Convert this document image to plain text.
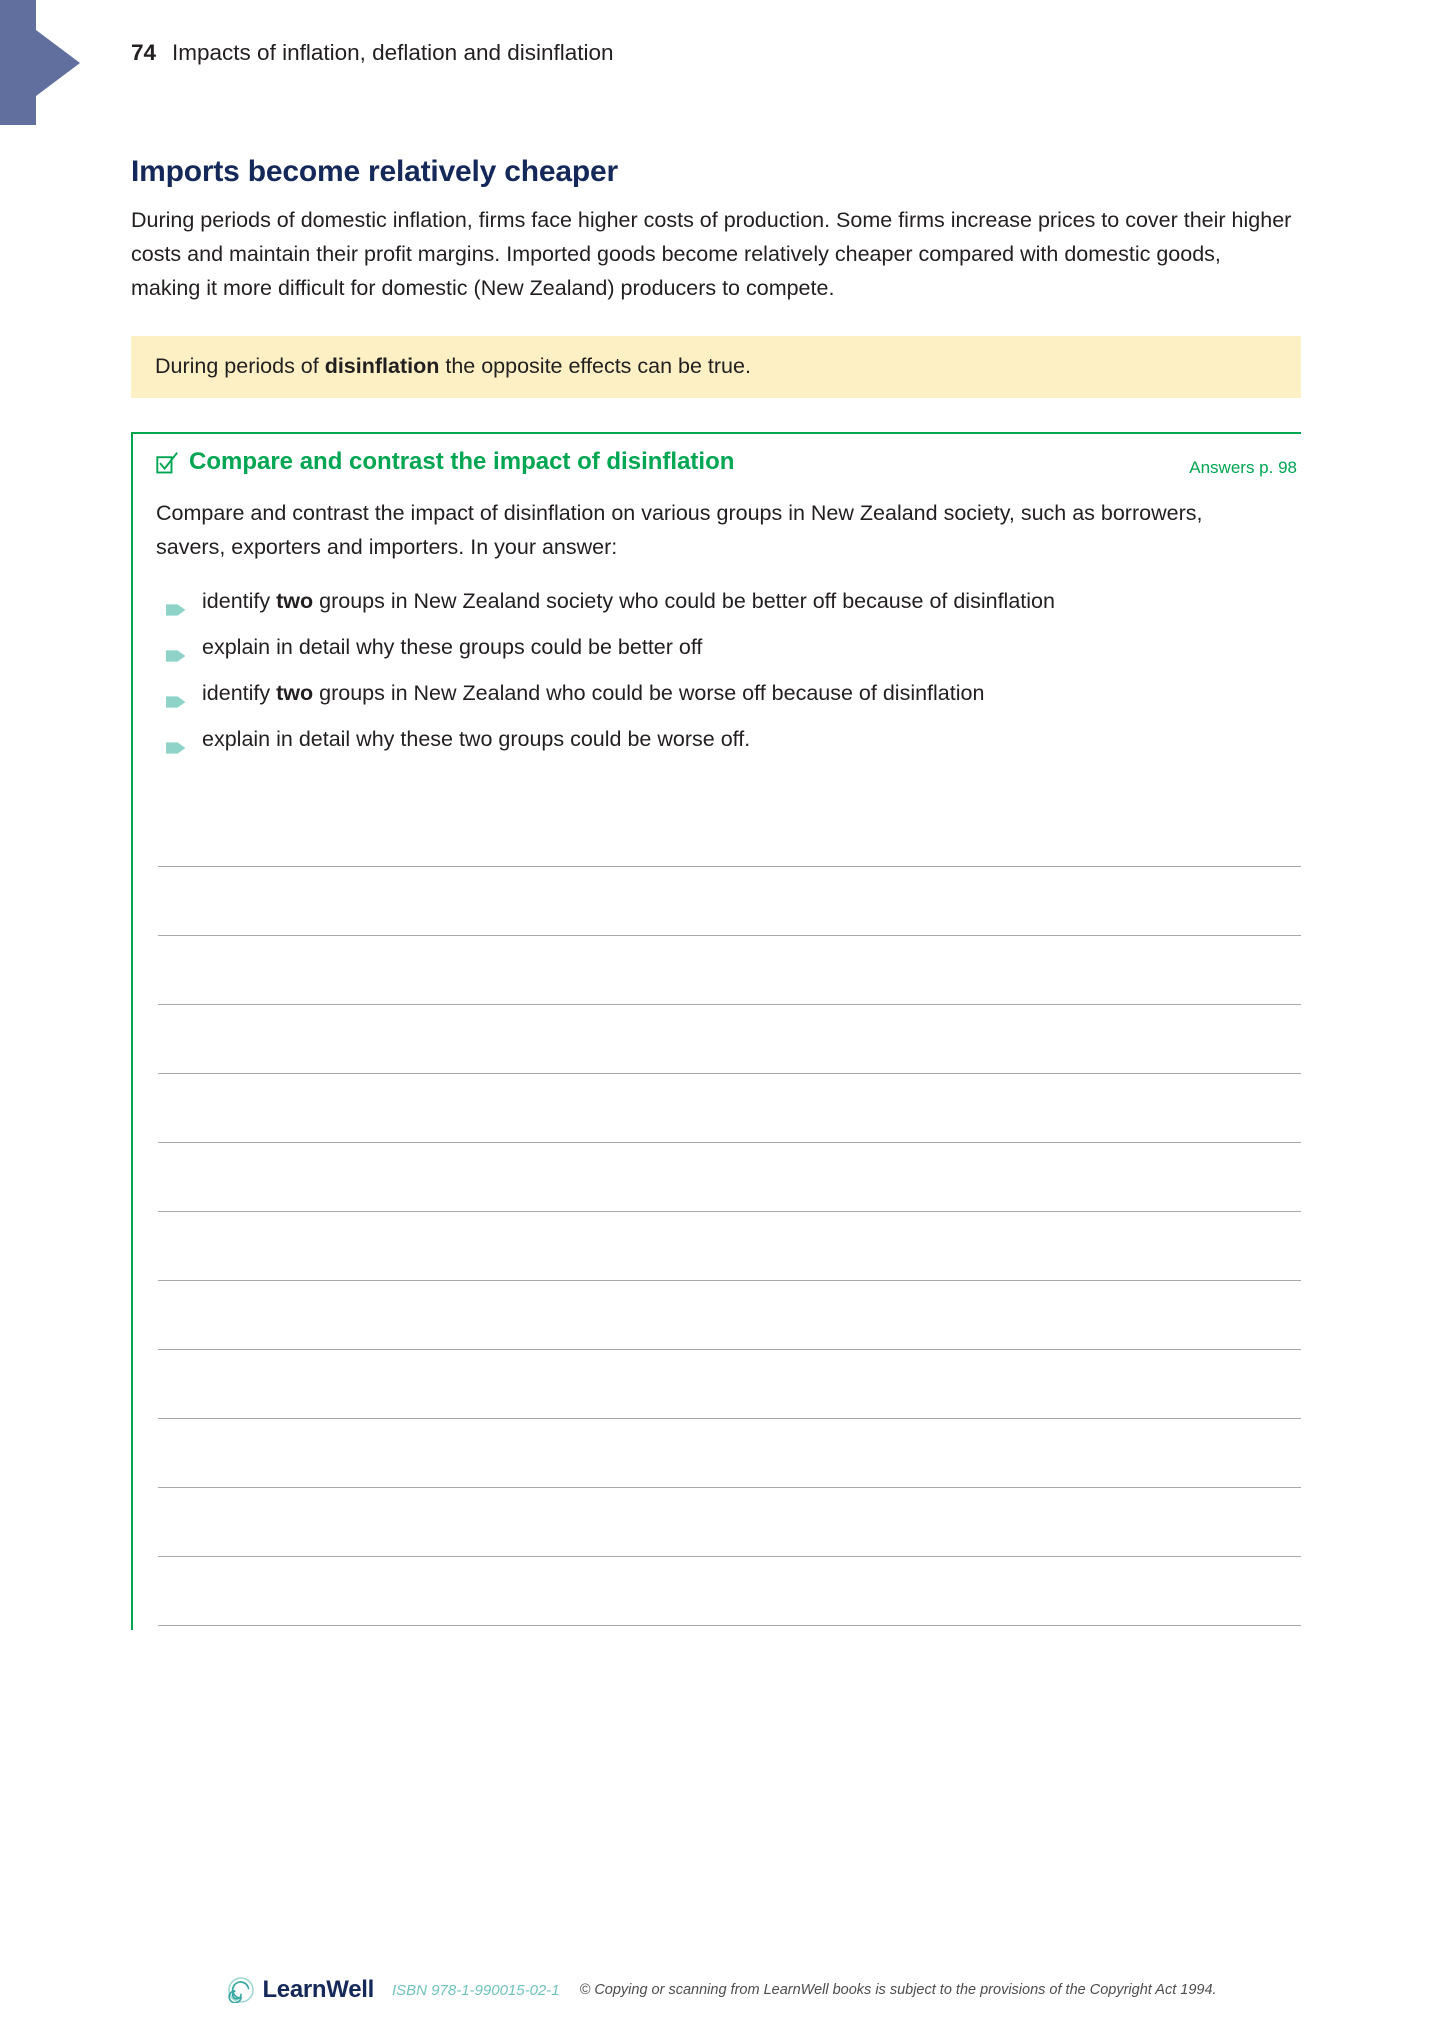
74 Impacts of inflation, deflation and disinflation
Imports become relatively cheaper

During periods of domestic inflation, firms face higher costs of production. Some firms increase prices to cover their higher costs and maintain their profit margins. Imported goods become relatively cheaper compared with domestic goods, making it more difficult for domestic (New Zealand) producers to compete.

During periods of disinflation the opposite effects can be true.
Compare and contrast the impact of disinflation	Answers p. 98

Compare and contrast the impact of disinflation on various groups in New Zealand society, such as borrowers, savers, exporters and importers. In your answer:

identify two groups in New Zealand society who could be better off because of disinflation
explain in detail why these groups could be better off
identify two groups in New Zealand who could be worse off because of disinflation
explain in detail why these two groups could be worse off.
LearnWell ISBN 978-1-990015-02-1 © Copying or scanning from LearnWell books is subject to the provisions of the Copyright Act 1994.
